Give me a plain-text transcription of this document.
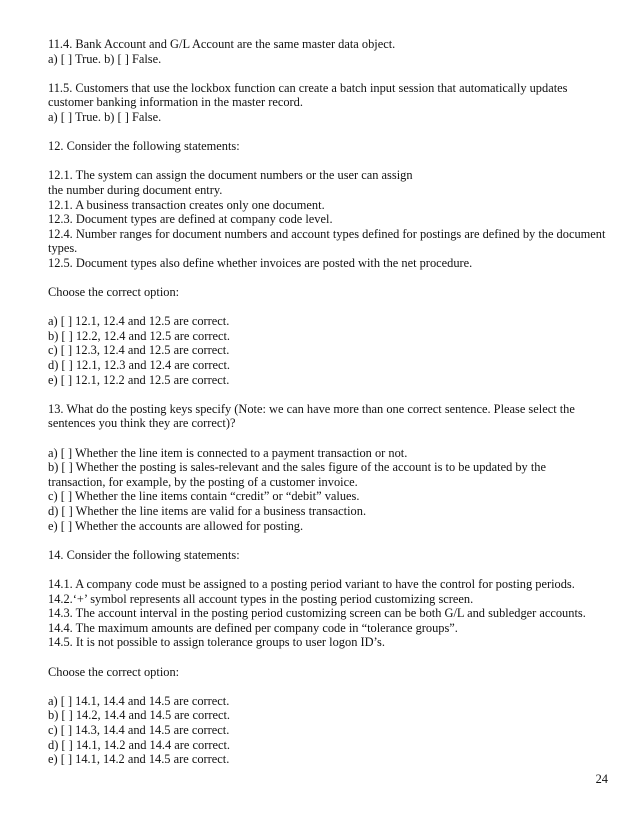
11.4. Bank Account and G/L Account are the same master data object.
a) [ ] True. b) [ ] False.
11.5. Customers that use the lockbox function can create a batch input session that automatically updates
customer banking information in the master record.
a) [ ] True. b) [ ] False.
12. Consider the following statements:
12.1. The system can assign the document numbers or the user can assign
the number during document entry.
12.1. A business transaction creates only one document.
12.3. Document types are defined at company code level.
12.4. Number ranges for document numbers and account types defined for postings are defined by the document
types.
12.5. Document types also define whether invoices are posted with the net procedure.
Choose the correct option:
a) [ ] 12.1, 12.4 and 12.5 are correct.
b) [ ] 12.2, 12.4 and 12.5 are correct.
c) [ ] 12.3, 12.4 and 12.5 are correct.
d) [ ] 12.1, 12.3 and 12.4 are correct.
e) [ ] 12.1, 12.2 and 12.5 are correct.
13. What do the posting keys specify (Note: we can have more than one correct sentence. Please select the
sentences you think they are correct)?
a) [ ] Whether the line item is connected to a payment transaction or not.
b) [ ] Whether the posting is sales-relevant and the sales figure of the account is to be updated by the
transaction, for example, by the posting of a customer invoice.
c) [ ] Whether the line items contain “credit” or “debit” values.
d) [ ] Whether the line items are valid for a business transaction.
e) [ ] Whether the accounts are allowed for posting.
14. Consider the following statements:
14.1. A company code must be assigned to a posting period variant to have the control for posting periods.
14.2.‘+’ symbol represents all account types in the posting period customizing screen.
14.3. The account interval in the posting period customizing screen can be both G/L and subledger accounts.
14.4. The maximum amounts are defined per company code in “tolerance groups”.
14.5. It is not possible to assign tolerance groups to user logon ID’s.
Choose the correct option:
a) [ ] 14.1, 14.4 and 14.5 are correct.
b) [ ] 14.2, 14.4 and 14.5 are correct.
c) [ ] 14.3, 14.4 and 14.5 are correct.
d) [ ] 14.1, 14.2 and 14.4 are correct.
e) [ ] 14.1, 14.2 and 14.5 are correct.
24
